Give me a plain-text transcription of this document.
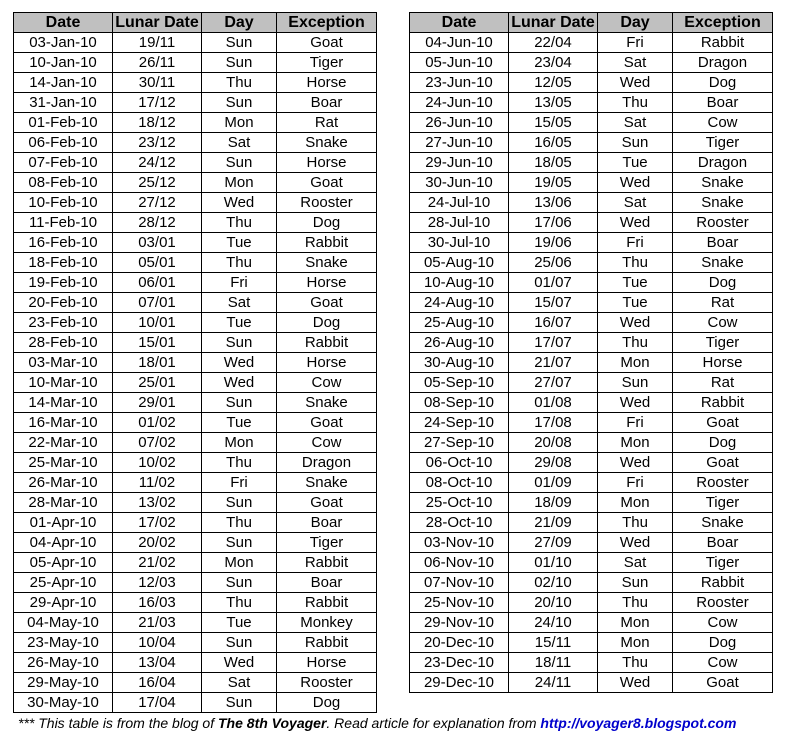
Date	Lunar Date	Day	Exception
03-Jan-10	19/11	Sun	Goat
10-Jan-10	26/11	Sun	Tiger
14-Jan-10	30/11	Thu	Horse
31-Jan-10	17/12	Sun	Boar
01-Feb-10	18/12	Mon	Rat
06-Feb-10	23/12	Sat	Snake
07-Feb-10	24/12	Sun	Horse
08-Feb-10	25/12	Mon	Goat
10-Feb-10	27/12	Wed	Rooster
11-Feb-10	28/12	Thu	Dog
16-Feb-10	03/01	Tue	Rabbit
18-Feb-10	05/01	Thu	Snake
19-Feb-10	06/01	Fri	Horse
20-Feb-10	07/01	Sat	Goat
23-Feb-10	10/01	Tue	Dog
28-Feb-10	15/01	Sun	Rabbit
03-Mar-10	18/01	Wed	Horse
10-Mar-10	25/01	Wed	Cow
14-Mar-10	29/01	Sun	Snake
16-Mar-10	01/02	Tue	Goat
22-Mar-10	07/02	Mon	Cow
25-Mar-10	10/02	Thu	Dragon
26-Mar-10	11/02	Fri	Snake
28-Mar-10	13/02	Sun	Goat
01-Apr-10	17/02	Thu	Boar
04-Apr-10	20/02	Sun	Tiger
05-Apr-10	21/02	Mon	Rabbit
25-Apr-10	12/03	Sun	Boar
29-Apr-10	16/03	Thu	Rabbit
04-May-10	21/03	Tue	Monkey
23-May-10	10/04	Sun	Rabbit
26-May-10	13/04	Wed	Horse
29-May-10	16/04	Sat	Rooster
30-May-10	17/04	Sun	Dog
Date	Lunar Date	Day	Exception
04-Jun-10	22/04	Fri	Rabbit
05-Jun-10	23/04	Sat	Dragon
23-Jun-10	12/05	Wed	Dog
24-Jun-10	13/05	Thu	Boar
26-Jun-10	15/05	Sat	Cow
27-Jun-10	16/05	Sun	Tiger
29-Jun-10	18/05	Tue	Dragon
30-Jun-10	19/05	Wed	Snake
24-Jul-10	13/06	Sat	Snake
28-Jul-10	17/06	Wed	Rooster
30-Jul-10	19/06	Fri	Boar
05-Aug-10	25/06	Thu	Snake
10-Aug-10	01/07	Tue	Dog
24-Aug-10	15/07	Tue	Rat
25-Aug-10	16/07	Wed	Cow
26-Aug-10	17/07	Thu	Tiger
30-Aug-10	21/07	Mon	Horse
05-Sep-10	27/07	Sun	Rat
08-Sep-10	01/08	Wed	Rabbit
24-Sep-10	17/08	Fri	Goat
27-Sep-10	20/08	Mon	Dog
06-Oct-10	29/08	Wed	Goat
08-Oct-10	01/09	Fri	Rooster
25-Oct-10	18/09	Mon	Tiger
28-Oct-10	21/09	Thu	Snake
03-Nov-10	27/09	Wed	Boar
06-Nov-10	01/10	Sat	Tiger
07-Nov-10	02/10	Sun	Rabbit
25-Nov-10	20/10	Thu	Rooster
29-Nov-10	24/10	Mon	Cow
20-Dec-10	15/11	Mon	Dog
23-Dec-10	18/11	Thu	Cow
29-Dec-10	24/11	Wed	Goat
*** This table is from the blog of The 8th Voyager. Read article for explanation from http://voyager8.blogspot.com
